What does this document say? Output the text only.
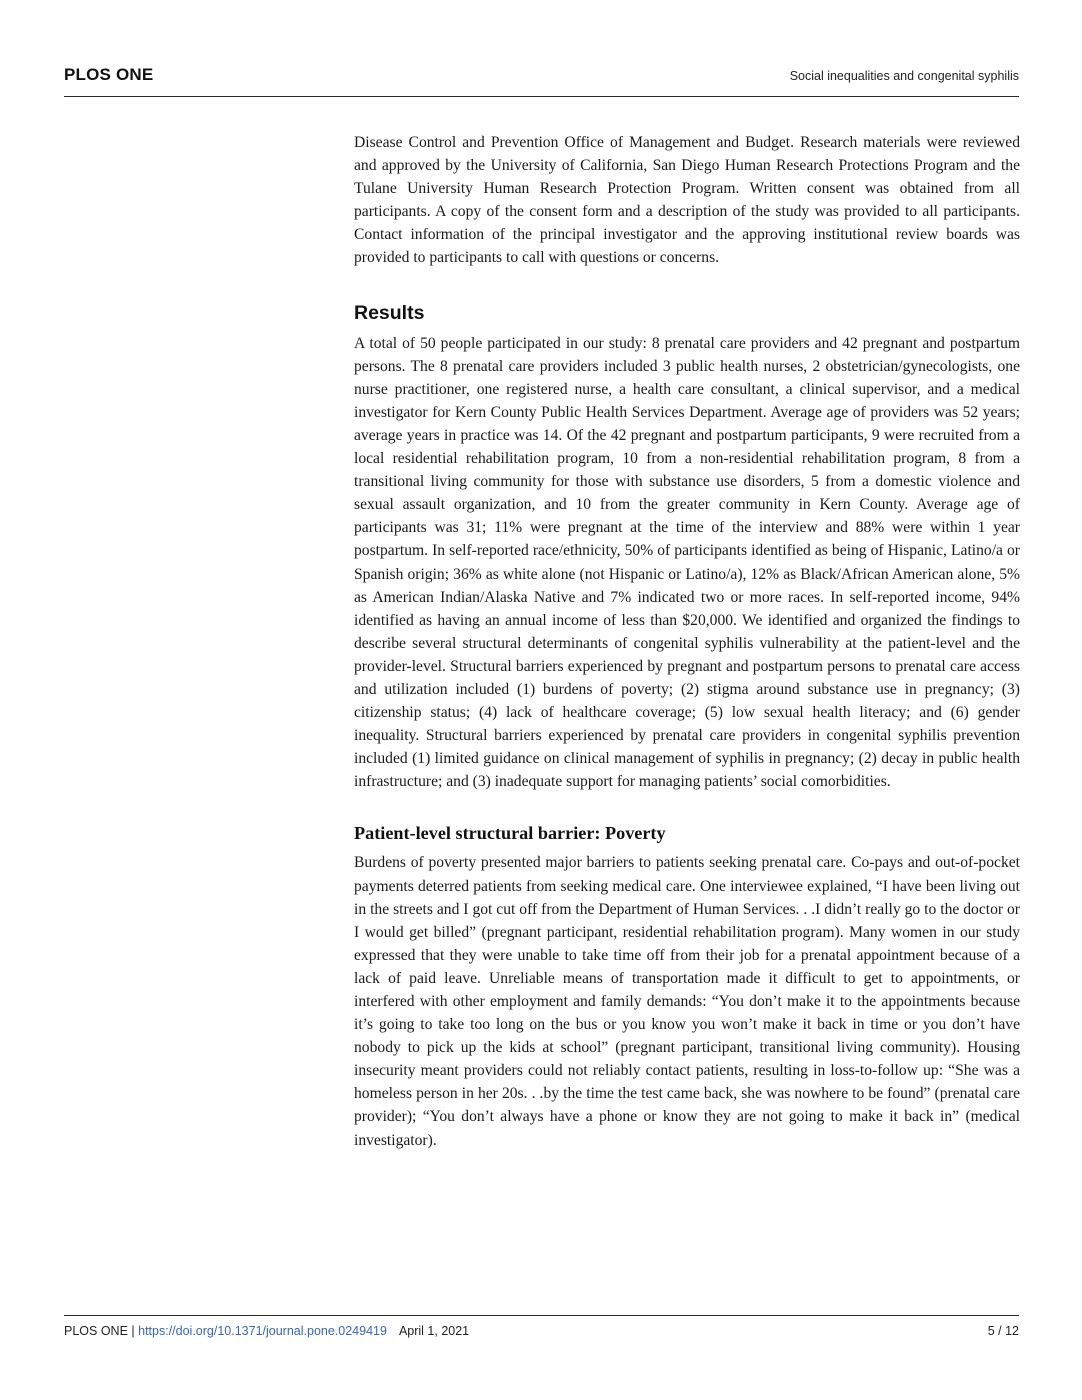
PLOS ONE	Social inequalities and congenital syphilis

Disease Control and Prevention Office of Management and Budget. Research materials were reviewed and approved by the University of California, San Diego Human Research Protections Program and the Tulane University Human Research Protection Program. Written consent was obtained from all participants. A copy of the consent form and a description of the study was provided to all participants. Contact information of the principal investigator and the approving institutional review boards was provided to participants to call with questions or concerns.

Results

A total of 50 people participated in our study: 8 prenatal care providers and 42 pregnant and postpartum persons. The 8 prenatal care providers included 3 public health nurses, 2 obstetrician/gynecologists, one nurse practitioner, one registered nurse, a health care consultant, a clinical supervisor, and a medical investigator for Kern County Public Health Services Department. Average age of providers was 52 years; average years in practice was 14. Of the 42 pregnant and postpartum participants, 9 were recruited from a local residential rehabilitation program, 10 from a non-residential rehabilitation program, 8 from a transitional living community for those with substance use disorders, 5 from a domestic violence and sexual assault organization, and 10 from the greater community in Kern County. Average age of participants was 31; 11% were pregnant at the time of the interview and 88% were within 1 year postpartum. In self-reported race/ethnicity, 50% of participants identified as being of Hispanic, Latino/a or Spanish origin; 36% as white alone (not Hispanic or Latino/a), 12% as Black/African American alone, 5% as American Indian/Alaska Native and 7% indicated two or more races. In self-reported income, 94% identified as having an annual income of less than $20,000. We identified and organized the findings to describe several structural determinants of congenital syphilis vulnerability at the patient-level and the provider-level. Structural barriers experienced by pregnant and postpartum persons to prenatal care access and utilization included (1) burdens of poverty; (2) stigma around substance use in pregnancy; (3) citizenship status; (4) lack of healthcare coverage; (5) low sexual health literacy; and (6) gender inequality. Structural barriers experienced by prenatal care providers in congenital syphilis prevention included (1) limited guidance on clinical management of syphilis in pregnancy; (2) decay in public health infrastructure; and (3) inadequate support for managing patients’ social comorbidities.

Patient-level structural barrier: Poverty

Burdens of poverty presented major barriers to patients seeking prenatal care. Co-pays and out-of-pocket payments deterred patients from seeking medical care. One interviewee explained, “I have been living out in the streets and I got cut off from the Department of Human Services. . .I didn’t really go to the doctor or I would get billed” (pregnant participant, residential rehabilitation program). Many women in our study expressed that they were unable to take time off from their job for a prenatal appointment because of a lack of paid leave. Unreliable means of transportation made it difficult to get to appointments, or interfered with other employment and family demands: “You don’t make it to the appointments because it’s going to take too long on the bus or you know you won’t make it back in time or you don’t have nobody to pick up the kids at school” (pregnant participant, transitional living community). Housing insecurity meant providers could not reliably contact patients, resulting in loss-to-follow up: “She was a homeless person in her 20s. . .by the time the test came back, she was nowhere to be found” (prenatal care provider); “You don’t always have a phone or know they are not going to make it back in” (medical investigator).

PLOS ONE | https://doi.org/10.1371/journal.pone.0249419 April 1, 2021	5 / 12
